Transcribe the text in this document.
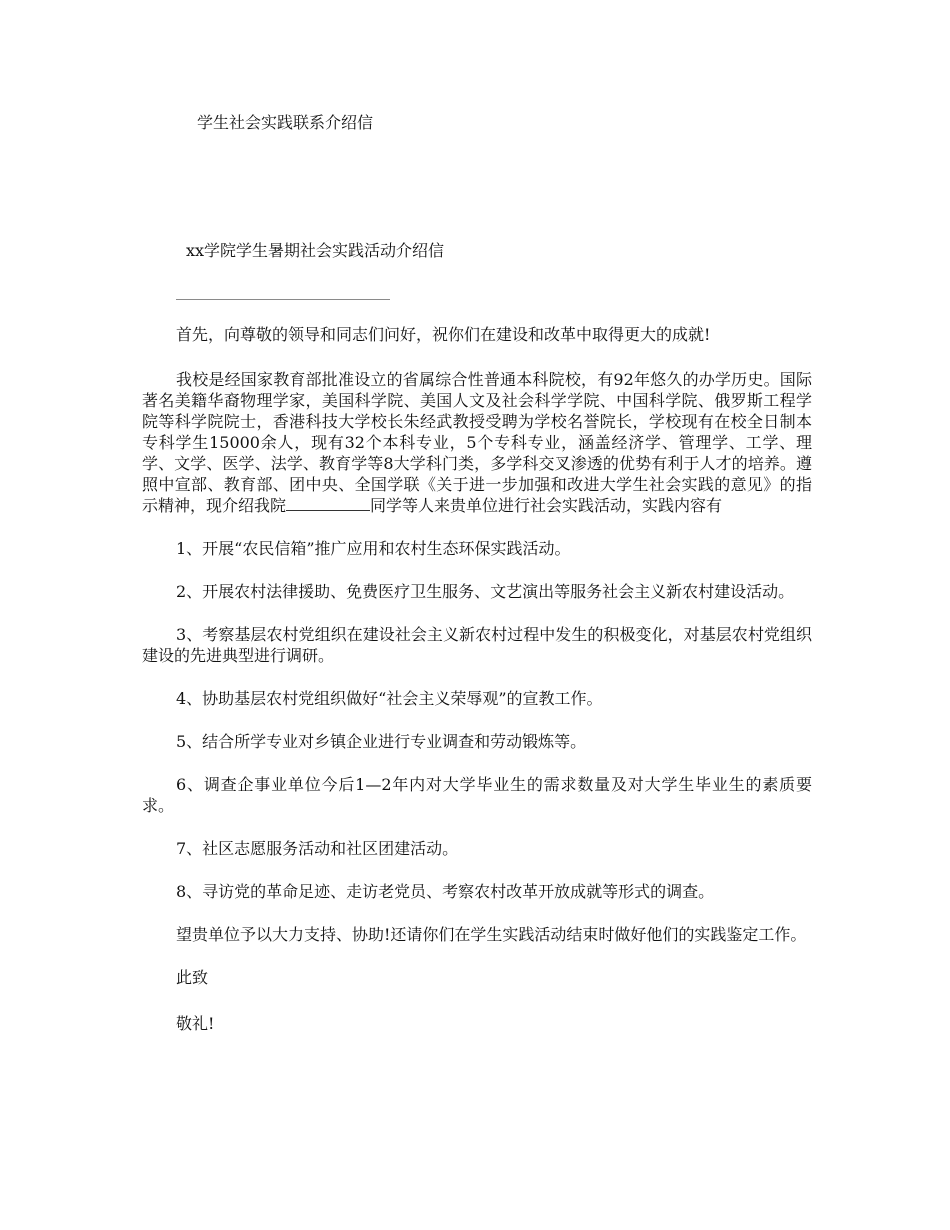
学生社会实践联系介绍信
xx学院学生暑期社会实践活动介绍信

首先，向尊敬的领导和同志们问好，祝你们在建设和改革中取得更大的成就!

我校是经国家教育部批准设立的省属综合性普通本科院校，有92年悠久的办学历史。国际著名美籍华裔物理学家，美国科学院、美国人文及社会科学学院、中国科学院、俄罗斯工程学院等科学院院士，香港科技大学校长朱经武教授受聘为学校名誉院长，学校现有在校全日制本专科学生15000余人，现有32个本科专业，5个专科专业，涵盖经济学、管理学、工学、理学、文学、医学、法学、教育学等8大学科门类，多学科交叉渗透的优势有利于人才的培养。遵照中宣部、教育部、团中央、全国学联《关于进一步加强和改进大学生社会实践的意见》的指示精神，现介绍我院	同学等人来贵单位进行社会实践活动，实践内容有

1、开展“农民信箱”推广应用和农村生态环保实践活动。

2、开展农村法律援助、免费医疗卫生服务、文艺演出等服务社会主义新农村建设活动。

3、考察基层农村党组织在建设社会主义新农村过程中发生的积极变化，对基层农村党组织建设的先进典型进行调研。

4、协助基层农村党组织做好“社会主义荣辱观”的宣教工作。

5、结合所学专业对乡镇企业进行专业调查和劳动锻炼等。

6、调查企事业单位今后1—2年内对大学毕业生的需求数量及对大学生毕业生的素质要求。

7、社区志愿服务活动和社区团建活动。

8、寻访党的革命足迹、走访老党员、考察农村改革开放成就等形式的调查。

望贵单位予以大力支持、协助!还请你们在学生实践活动结束时做好他们的实践鉴定工作。

此致

敬礼!
